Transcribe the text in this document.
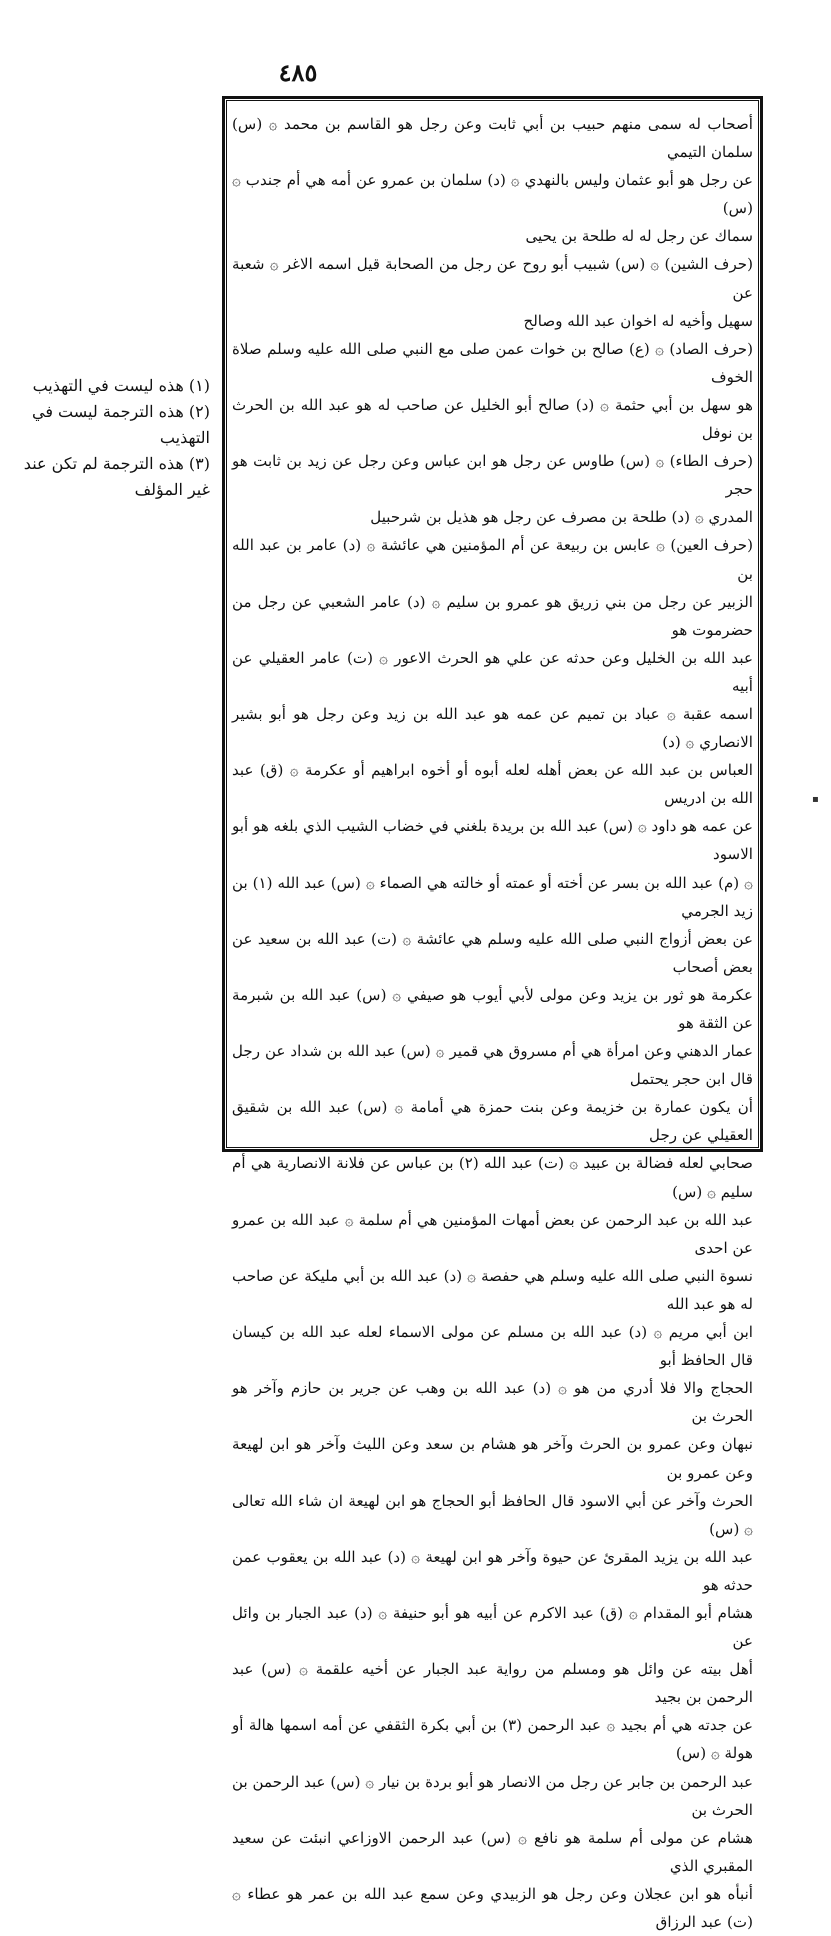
٤٨٥

أصحاب له سمى منهم حبيب بن أبي ثابت وعن رجل هو القاسم بن محمد ۞ (س) سلمان التيمي

عن رجل هو أبو عثمان وليس بالنهدي ۞ (د) سلمان بن عمرو عن أمه هي أم جندب ۞ (س)

سماك عن رجل له له طلحة بن يحيى

(حرف الشين) ۞ (س) شبيب أبو روح عن رجل من الصحابة قيل اسمه الاغر ۞ شعبة عن

سهيل وأخيه له اخوان عبد الله وصالح

(حرف الصاد) ۞ (ع) صالح بن خوات عمن صلى مع النبي صلى الله عليه وسلم صلاة الخوف

هو سهل بن أبي حثمة ۞ (د) صالح أبو الخليل عن صاحب له هو عبد الله بن الحرث بن نوفل

(حرف الطاء) ۞ (س) طاوس عن رجل هو ابن عباس وعن رجل عن زيد بن ثابت هو حجر

المدري ۞ (د) طلحة بن مصرف عن رجل هو هذيل بن شرحبيل

(حرف العين) ۞ عابس بن ربيعة عن أم المؤمنين هي عائشة ۞ (د) عامر بن عبد الله بن

الزبير عن رجل من بني زريق هو عمرو بن سليم ۞ (د) عامر الشعبي عن رجل من حضرموت هو

عبد الله بن الخليل وعن حدثه عن علي هو الحرث الاعور ۞ (ت) عامر العقيلي عن أبيه

اسمه عقبة ۞ عباد بن تميم عن عمه هو عبد الله بن زيد وعن رجل هو أبو بشير الانصاري ۞ (د)

العباس بن عبد الله عن بعض أهله لعله أبوه أو أخوه ابراهيم أو عكرمة ۞ (ق) عبد الله بن ادريس

عن عمه هو داود ۞ (س) عبد الله بن بريدة بلغني في خضاب الشيب الذي بلغه هو أبو الاسود

۞ (م) عبد الله بن بسر عن أخته أو عمته أو خالته هي الصماء ۞ (س) عبد الله (١) بن زيد الجرمي

عن بعض أزواج النبي صلى الله عليه وسلم هي عائشة ۞ (ت) عبد الله بن سعيد عن بعض أصحاب

عكرمة هو ثور بن يزيد وعن مولى لأبي أيوب هو صيفي ۞ (س) عبد الله بن شبرمة عن الثقة هو

عمار الدهني وعن امرأة هي أم مسروق هي قمير ۞ (س) عبد الله بن شداد عن رجل قال ابن حجر يحتمل

أن يكون عمارة بن خزيمة وعن بنت حمزة هي أمامة ۞ (س) عبد الله بن شقيق العقيلي عن رجل

صحابي لعله فضالة بن عبيد ۞ (ت) عبد الله (٢) بن عباس عن فلانة الانصارية هي أم سليم ۞ (س)

عبد الله بن عبد الرحمن عن بعض أمهات المؤمنين هي أم سلمة ۞ عبد الله بن عمرو عن احدى

نسوة النبي صلى الله عليه وسلم هي حفصة ۞ (د) عبد الله بن أبي مليكة عن صاحب له هو عبد الله

ابن أبي مريم ۞ (د) عبد الله بن مسلم عن مولى الاسماء لعله عبد الله بن كيسان قال الحافظ أبو

الحجاج والا فلا أدري من هو ۞ (د) عبد الله بن وهب عن جرير بن حازم وآخر هو الحرث بن

نبهان وعن عمرو بن الحرث وآخر هو هشام بن سعد وعن الليث وآخر هو ابن لهيعة وعن عمرو بن

الحرث وآخر عن أبي الاسود قال الحافظ أبو الحجاج هو ابن لهيعة ان شاء الله تعالى ۞ (س)

عبد الله بن يزيد المقرئ عن حيوة وآخر هو ابن لهيعة ۞ (د) عبد الله بن يعقوب عمن حدثه هو

هشام أبو المقدام ۞ (ق) عبد الاكرم عن أبيه هو أبو حنيفة ۞ (د) عبد الجبار بن وائل عن

أهل بيته عن وائل هو ومسلم من رواية عبد الجبار عن أخيه علقمة ۞ (س) عبد الرحمن بن بجيد

عن جدته هي أم بجيد ۞ عبد الرحمن (٣) بن أبي بكرة الثقفي عن أمه اسمها هالة أو هولة ۞ (س)

عبد الرحمن بن جابر عن رجل من الانصار هو أبو بردة بن نيار ۞ (س) عبد الرحمن بن الحرث بن

هشام عن مولى أم سلمة هو نافع ۞ (س) عبد الرحمن الاوزاعي انبئت عن سعيد المقبري الذي

أنبأه هو ابن عجلان وعن رجل هو الزبيدي وعن سمع عبد الله بن عمر هو عطاء ۞ (ت) عبد الرزاق

(١) هذه ليست في التهذيب

(٢) هذه الترجمة ليست في التهذيب

(٣) هذه الترجمة لم تكن عند غير المؤلف

▪
